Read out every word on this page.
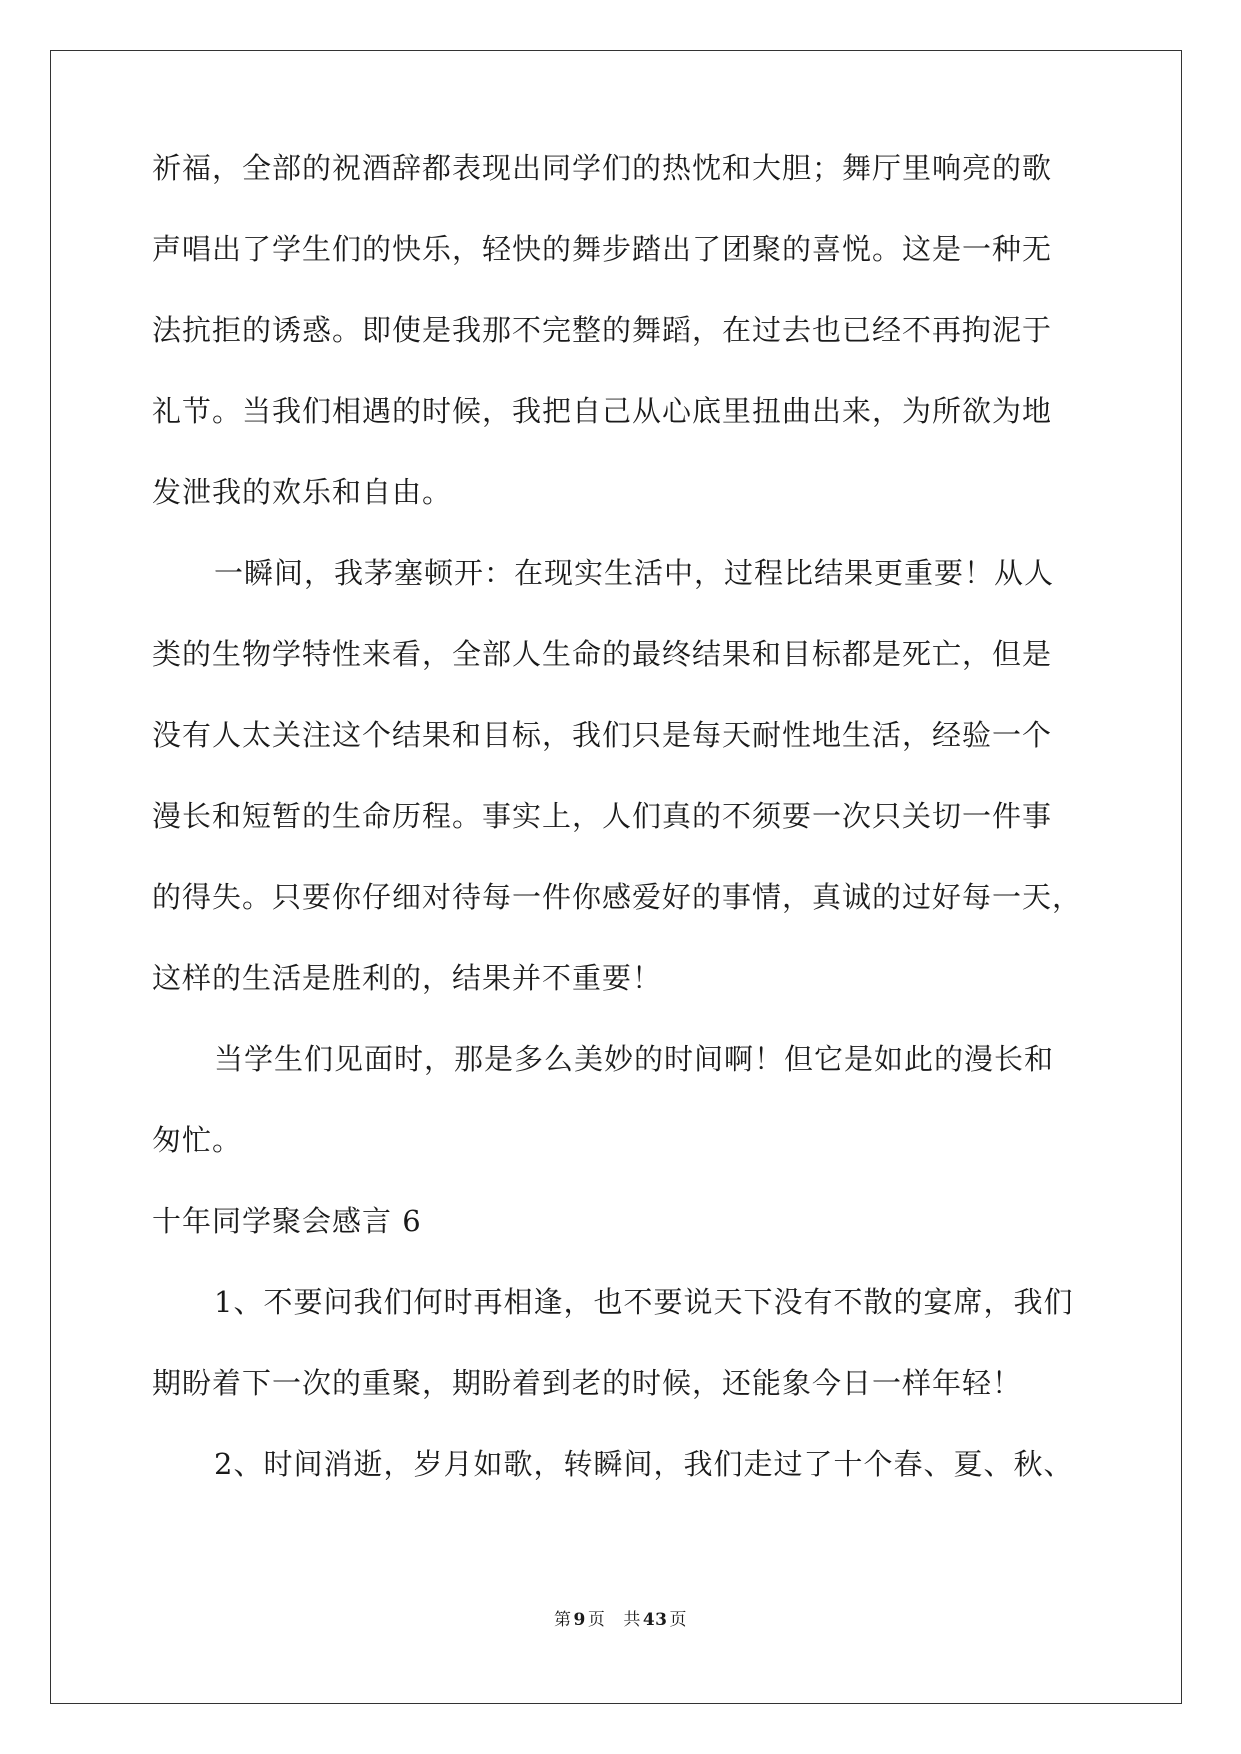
祈福，全部的祝酒辞都表现出同学们的热忱和大胆；舞厅里响亮的歌
声唱出了学生们的快乐，轻快的舞步踏出了团聚的喜悦。这是一种无
法抗拒的诱惑。即使是我那不完整的舞蹈，在过去也已经不再拘泥于
礼节。当我们相遇的时候，我把自己从心底里扭曲出来，为所欲为地
发泄我的欢乐和自由。
一瞬间，我茅塞顿开：在现实生活中，过程比结果更重要！从人
类的生物学特性来看，全部人生命的最终结果和目标都是死亡，但是
没有人太关注这个结果和目标，我们只是每天耐性地生活，经验一个
漫长和短暂的生命历程。事实上，人们真的不须要一次只关切一件事
的得失。只要你仔细对待每一件你感爱好的事情，真诚的过好每一天，
这样的生活是胜利的，结果并不重要！
当学生们见面时，那是多么美妙的时间啊！但它是如此的漫长和
匆忙。
十年同学聚会感言 6
1、不要问我们何时再相逢，也不要说天下没有不散的宴席，我们
期盼着下一次的重聚，期盼着到老的时候，还能象今日一样年轻！
2、时间消逝，岁月如歌，转瞬间，我们走过了十个春、夏、秋、
第 9 页 共 43 页
